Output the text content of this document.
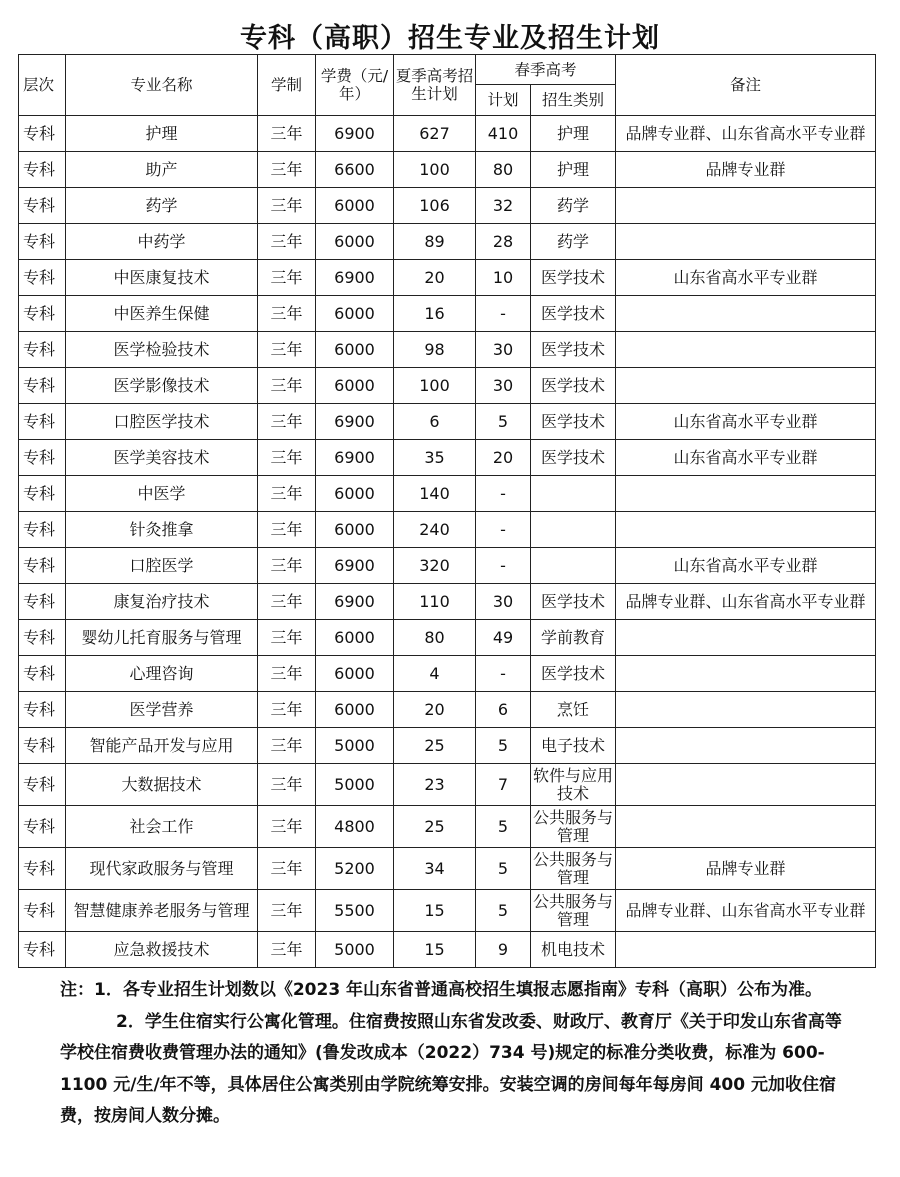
专科（高职）招生专业及招生计划
层次	专业名称	学制	学费（元/年）	夏季高考招生计划	春季高考		备注
					计划	招生类别	
专科	护理	三年	6900	627	410	护理	品牌专业群、山东省高水平专业群
专科	助产	三年	6600	100	80	护理	品牌专业群
专科	药学	三年	6000	106	32	药学	
专科	中药学	三年	6000	89	28	药学	
专科	中医康复技术	三年	6900	20	10	医学技术	山东省高水平专业群
专科	中医养生保健	三年	6000	16	-	医学技术	
专科	医学检验技术	三年	6000	98	30	医学技术	
专科	医学影像技术	三年	6000	100	30	医学技术	
专科	口腔医学技术	三年	6900	6	5	医学技术	山东省高水平专业群
专科	医学美容技术	三年	6900	35	20	医学技术	山东省高水平专业群
专科	中医学	三年	6000	140	-		
专科	针灸推拿	三年	6000	240	-		
专科	口腔医学	三年	6900	320	-		山东省高水平专业群
专科	康复治疗技术	三年	6900	110	30	医学技术	品牌专业群、山东省高水平专业群
专科	婴幼儿托育服务与管理	三年	6000	80	49	学前教育	
专科	心理咨询	三年	6000	4	-	医学技术	
专科	医学营养	三年	6000	20	6	烹饪	
专科	智能产品开发与应用	三年	5000	25	5	电子技术	
专科	大数据技术	三年	5000	23	7	软件与应用技术	
专科	社会工作	三年	4800	25	5	公共服务与管理	
专科	现代家政服务与管理	三年	5200	34	5	公共服务与管理	品牌专业群
专科	智慧健康养老服务与管理	三年	5500	15	5	公共服务与管理	品牌专业群、山东省高水平专业群
专科	应急救援技术	三年	5000	15	9	机电技术	

注：1．各专业招生计划数以《2023 年山东省普通高校招生填报志愿指南》专科（高职）公布为准。

2．学生住宿实行公寓化管理。住宿费按照山东省发改委、财政厅、教育厅《关于印发山东省高等学校住宿费收费管理办法的通知》(鲁发改成本（2022）734 号)规定的标准分类收费，标准为 600-1100 元/生/年不等，具体居住公寓类别由学院统筹安排。安装空调的房间每年每房间 400 元加收住宿费，按房间人数分摊。
